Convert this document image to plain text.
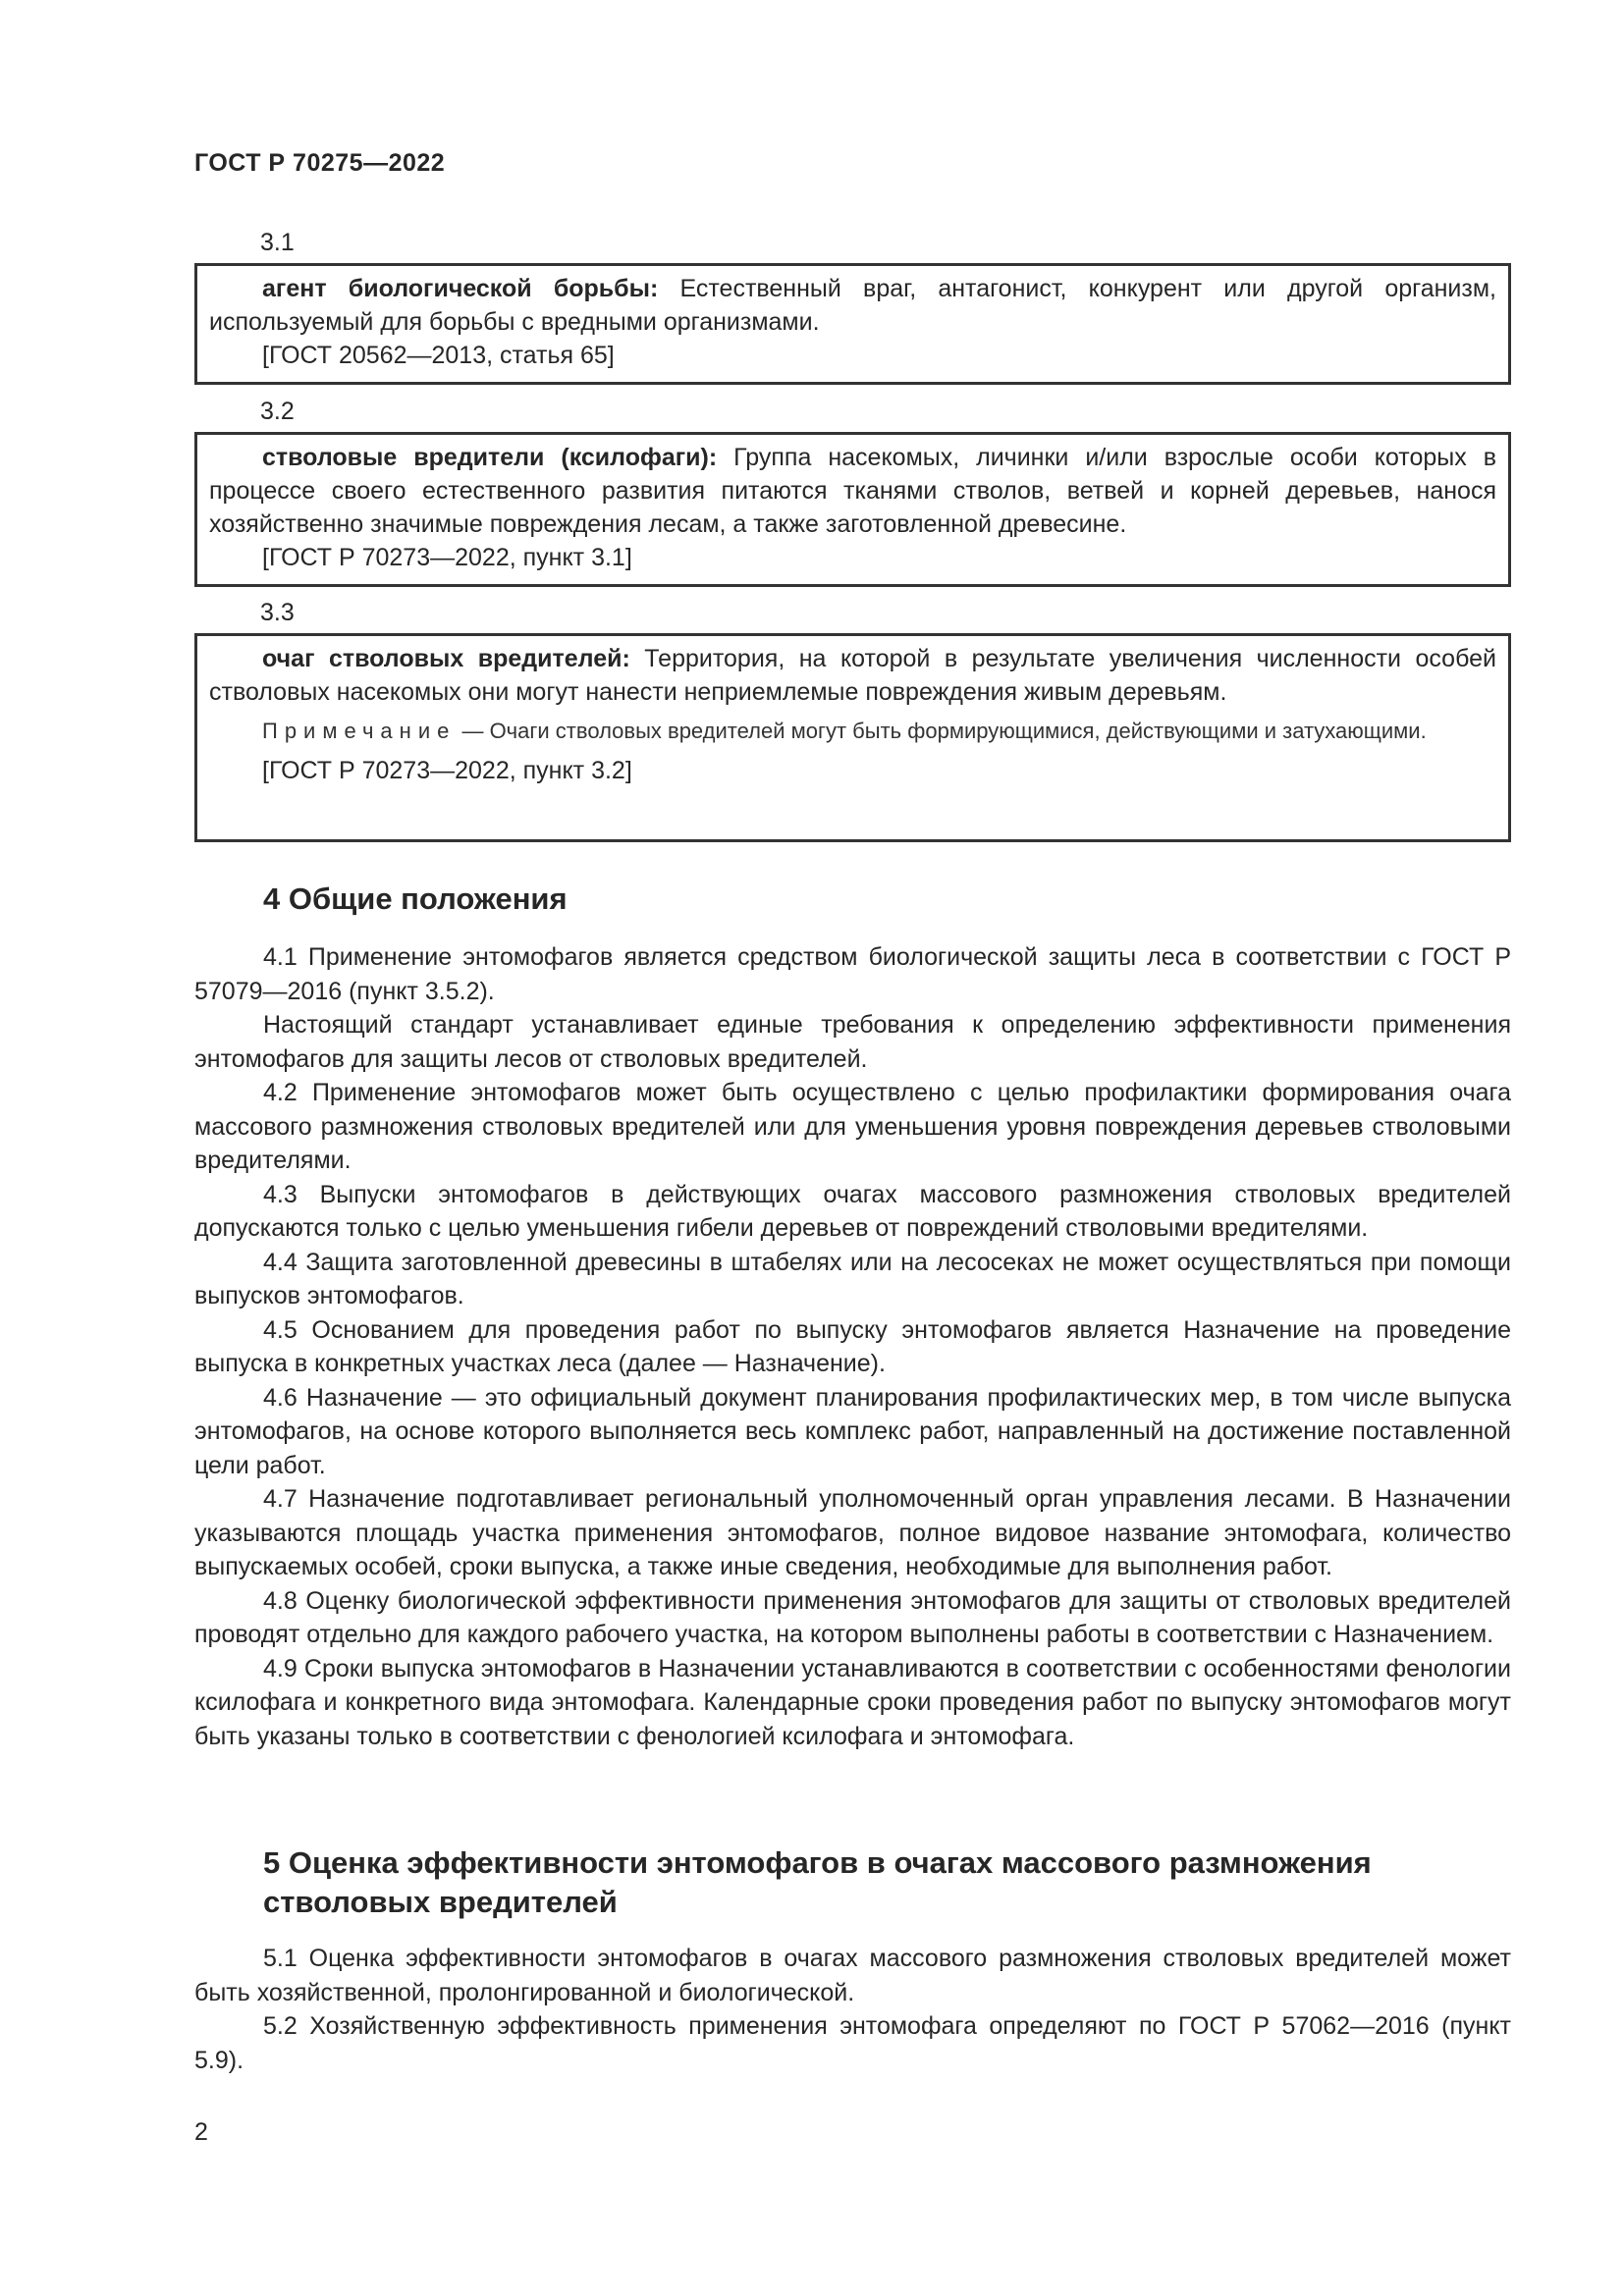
ГОСТ Р 70275—2022
3.1

агент биологической борьбы: Естественный враг, антагонист, конкурент или другой организм, используемый для борьбы с вредными организмами.

[ГОСТ 20562—2013, статья 65]
3.2

стволовые вредители (ксилофаги): Группа насекомых, личинки и/или взрослые особи которых в процессе своего естественного развития питаются тканями стволов, ветвей и корней деревьев, нанося хозяйственно значимые повреждения лесам, а также заготовленной древесине.

[ГОСТ Р 70273—2022, пункт 3.1]
3.3

очаг стволовых вредителей: Территория, на которой в результате увеличения численности особей стволовых насекомых они могут нанести неприемлемые повреждения живым деревьям.

Примечание — Очаги стволовых вредителей могут быть формирующимися, действующими и затухающими.
[ГОСТ Р 70273—2022, пункт 3.2]
4 Общие положения

4.1 Применение энтомофагов является средством биологической защиты леса в соответствии с ГОСТ Р 57079—2016 (пункт 3.5.2).

Настоящий стандарт устанавливает единые требования к определению эффективности применения энтомофагов для защиты лесов от стволовых вредителей.

4.2 Применение энтомофагов может быть осуществлено с целью профилактики формирования очага массового размножения стволовых вредителей или для уменьшения уровня повреждения деревьев стволовыми вредителями.

4.3 Выпуски энтомофагов в действующих очагах массового размножения стволовых вредителей допускаются только с целью уменьшения гибели деревьев от повреждений стволовыми вредителями.

4.4 Защита заготовленной древесины в штабелях или на лесосеках не может осуществляться при помощи выпусков энтомофагов.

4.5 Основанием для проведения работ по выпуску энтомофагов является Назначение на проведение выпуска в конкретных участках леса (далее — Назначение).

4.6 Назначение — это официальный документ планирования профилактических мер, в том числе выпуска энтомофагов, на основе которого выполняется весь комплекс работ, направленный на достижение поставленной цели работ.

4.7 Назначение подготавливает региональный уполномоченный орган управления лесами. В Назначении указываются площадь участка применения энтомофагов, полное видовое название энтомофага, количество выпускаемых особей, сроки выпуска, а также иные сведения, необходимые для выполнения работ.

4.8 Оценку биологической эффективности применения энтомофагов для защиты от стволовых вредителей проводят отдельно для каждого рабочего участка, на котором выполнены работы в соответствии с Назначением.

4.9 Сроки выпуска энтомофагов в Назначении устанавливаются в соответствии с особенностями фенологии ксилофага и конкретного вида энтомофага. Календарные сроки проведения работ по выпуску энтомофагов могут быть указаны только в соответствии с фенологией ксилофага и энтомофага.

5 Оценка эффективности энтомофагов в очагах массового размножения стволовых вредителей

5.1 Оценка эффективности энтомофагов в очагах массового размножения стволовых вредителей может быть хозяйственной, пролонгированной и биологической.

5.2 Хозяйственную эффективность применения энтомофага определяют по ГОСТ Р 57062—2016 (пункт 5.9).

2
